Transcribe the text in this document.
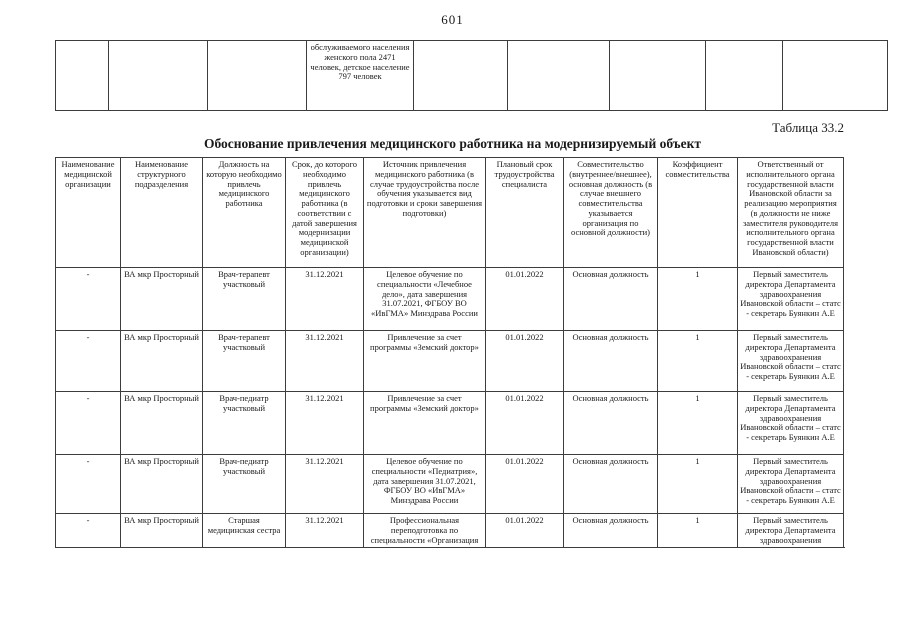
601
			обслуживаемого населения женского пола 2471 человек, детское население 797 человек					
Таблица 33.2
Обоснование привлечения медицинского работника на модернизируемый объект
Наименование медицинской организации	Наименование структурного подразделения	Должность на которую необходимо привлечь медицинского работника	Срок, до которого необходимо привлечь медицинского работника (в соответствии с датой завершения модернизации медицинской организации)	Источник привлечения медицинского работника (в случае трудоустройства после обучения указывается вид подготовки и сроки завершения подготовки)	Плановый срок трудоустройства специалиста	Совместительство (внутреннее/внешнее), основная должность (в случае внешнего совместительства указывается организация по основной должности)	Коэффициент совместительства	Ответственный от исполнительного органа государственной власти Ивановской области за реализацию мероприятия (в должности не ниже заместителя руководителя исполнительного органа государственной власти Ивановской области)
-	ВА мкр Просторный	Врач-терапевт участковый	31.12.2021	Целевое обучение по специальности «Лечебное дело», дата завершения 31.07.2021, ФГБОУ ВО «ИвГМА» Минздрава России	01.01.2022	Основная должность	1	Первый заместитель директора Департамента здравоохранения Ивановской области – статс - секретарь Буянкин А.Е
-	ВА мкр Просторный	Врач-терапевт участковый	31.12.2021	Привлечение за счет программы «Земский доктор»	01.01.2022	Основная должность	1	Первый заместитель директора Департамента здравоохранения Ивановской области – статс - секретарь Буянкин А.Е
-	ВА мкр Просторный	Врач-педиатр участковый	31.12.2021	Привлечение за счет программы «Земский доктор»	01.01.2022	Основная должность	1	Первый заместитель директора Департамента здравоохранения Ивановской области – статс - секретарь Буянкин А.Е
-	ВА мкр Просторный	Врач-педиатр участковый	31.12.2021	Целевое обучение по специальности «Педиатрия», дата завершения 31.07.2021, ФГБОУ ВО «ИвГМА» Минздрава России	01.01.2022	Основная должность	1	Первый заместитель директора Департамента здравоохранения Ивановской области – статс - секретарь Буянкин А.Е
-	ВА мкр Просторный	Старшая медицинская сестра	31.12.2021	Профессиональная переподготовка по специальности «Организация	01.01.2022	Основная должность	1	Первый заместитель директора Департамента здравоохранения
